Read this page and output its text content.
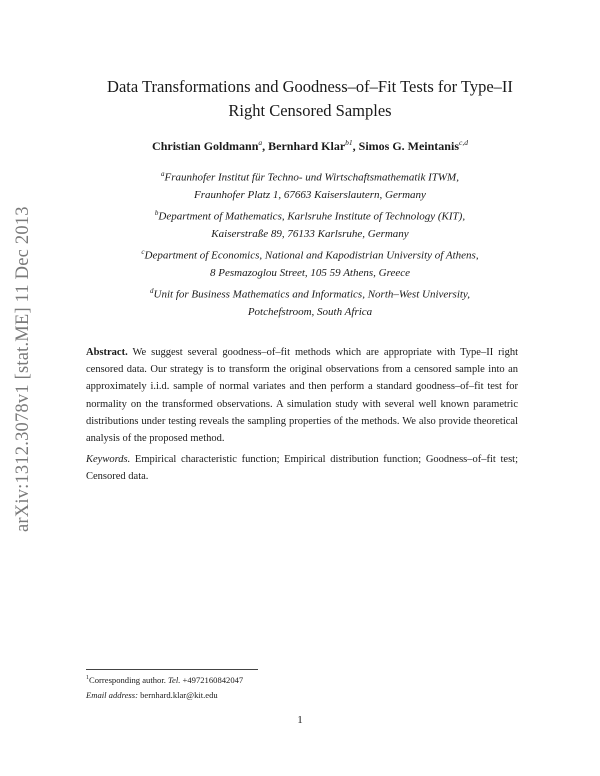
arXiv:1312.3078v1 [stat.ME] 11 Dec 2013
Data Transformations and Goodness–of–Fit Tests for Type–II
Right Censored Samples
Christian Goldmann$^a$, Bernhard Klar$^{b1}$, Simos G. Meintanis$^{c,d}$

$^a$Fraunhofer Institut für Techno- und Wirtschaftsmathematik ITWM,
Fraunhofer Platz 1, 67663 Kaiserslautern, Germany

$^b$Department of Mathematics, Karlsruhe Institute of Technology (KIT),
Kaiserstraße 89, 76133 Karlsruhe, Germany

$^c$Department of Economics, National and Kapodistrian University of Athens,
8 Pesmazoglou Street, 105 59 Athens, Greece

$^d$Unit for Business Mathematics and Informatics, North–West University,
Potchefstroom, South Africa

Abstract. We suggest several goodness–of–fit methods which are appropriate with Type–II right censored data. Our strategy is to transform the original observations from a censored sample into an approximately i.i.d. sample of normal variates and then perform a standard goodness–of–fit test for normality on the transformed observations. A simulation study with several well known parametric distributions under testing reveals the sampling properties of the methods. We also provide theoretical analysis of the proposed method.
Keywords. Empirical characteristic function; Empirical distribution function; Goodness–of–fit test; Censored data.
$^1$Corresponding author. Tel. +4972160842047
Email address: bernhard.klar@kit.edu
1
